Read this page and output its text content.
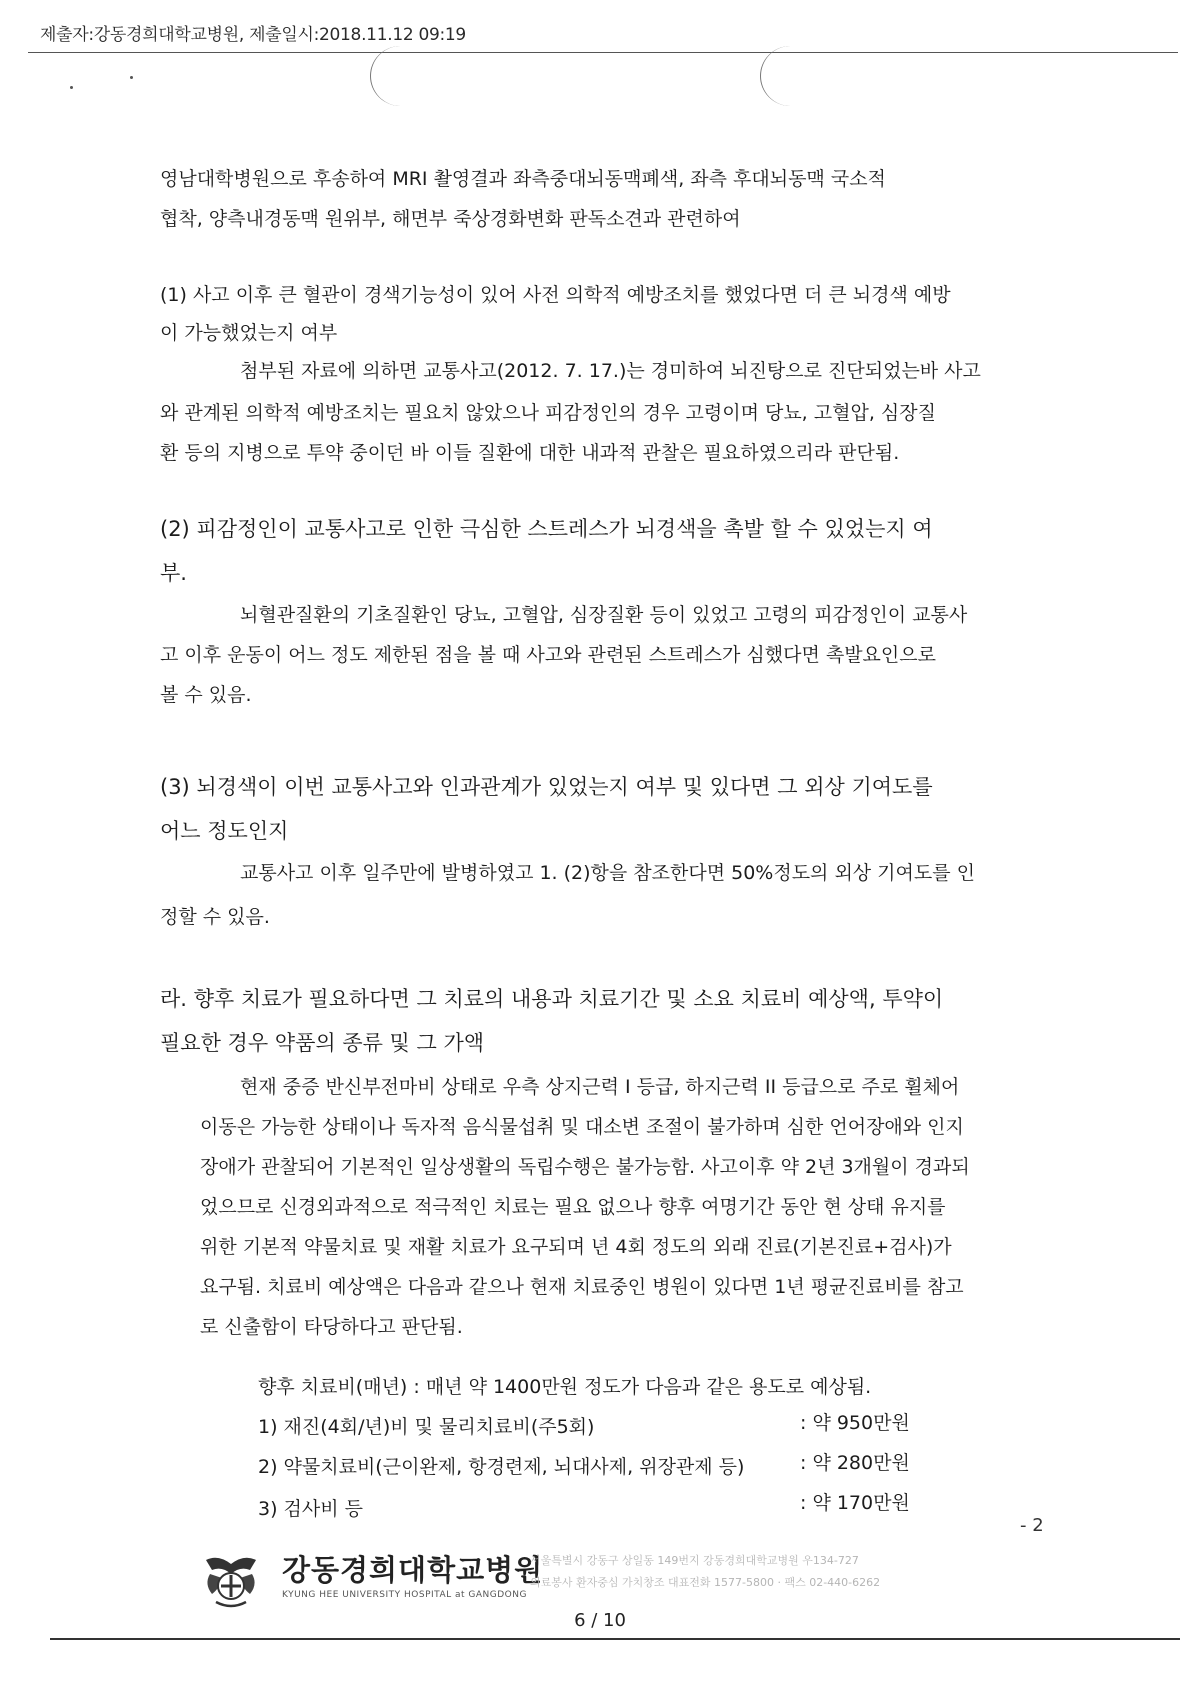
제출자:강동경희대학교병원, 제출일시:2018.11.12 09:19
영남대학병원으로 후송하여 MRI 촬영결과 좌측중대뇌동맥폐색, 좌측 후대뇌동맥 국소적
협착, 양측내경동맥 원위부, 해면부 죽상경화변화 판독소견과 관련하여
(1) 사고 이후 큰 혈관이 경색기능성이 있어 사전 의학적 예방조치를 했었다면 더 큰 뇌경색 예방
이 가능했었는지 여부
첨부된 자료에 의하면 교통사고(2012. 7. 17.)는 경미하여 뇌진탕으로 진단되었는바 사고
와 관계된 의학적 예방조치는 필요치 않았으나 피감정인의 경우 고령이며 당뇨, 고혈압, 심장질
환 등의 지병으로 투약 중이던 바 이들 질환에 대한 내과적 관찰은 필요하였으리라 판단됨.
(2) 피감정인이 교통사고로 인한 극심한 스트레스가 뇌경색을 촉발 할 수 있었는지 여
부.
뇌혈관질환의 기초질환인 당뇨, 고혈압, 심장질환 등이 있었고 고령의 피감정인이 교통사
고 이후 운동이 어느 정도 제한된 점을 볼 때 사고와 관련된 스트레스가 심했다면 촉발요인으로
볼 수 있음.
(3) 뇌경색이 이번 교통사고와 인과관계가 있었는지 여부 및 있다면 그 외상 기여도를
어느 정도인지
교통사고 이후 일주만에 발병하였고 1. (2)항을 참조한다면 50%정도의 외상 기여도를 인
정할 수 있음.
라. 향후 치료가 필요하다면 그 치료의 내용과 치료기간 및 소요 치료비 예상액, 투약이
필요한 경우 약품의 종류 및 그 가액
현재 중증 반신부전마비 상태로 우측 상지근력 I 등급, 하지근력 II 등급으로 주로 휠체어
이동은 가능한 상태이나 독자적 음식물섭취 및 대소변 조절이 불가하며 심한 언어장애와 인지
장애가 관찰되어 기본적인 일상생활의 독립수행은 불가능함. 사고이후 약 2년 3개월이 경과되
었으므로 신경외과적으로 적극적인 치료는 필요 없으나 향후 여명기간 동안 현 상태 유지를
위한 기본적 약물치료 및 재활 치료가 요구되며 년 4회 정도의 외래 진료(기본진료+검사)가
요구됨. 치료비 예상액은 다음과 같으나 현재 치료중인 병원이 있다면 1년 평균진료비를 참고
로 신출함이 타당하다고 판단됨.
향후 치료비(매년) : 매년 약 1400만원 정도가 다음과 같은 용도로 예상됨.
1) 재진(4회/년)비 및 물리치료비(주5회)	: 약 950만원
2) 약물치료비(근이완제, 항경련제, 뇌대사제, 위장관제 등)	: 약 280만원
3) 검사비 등	: 약 170만원
- 2
강동경희대학교병원
KYUNG HEE UNIVERSITY HOSPITAL at GANGDONG
서울특별시 강동구 상일동 149번지 강동경희대학교병원 우134-727
의료봉사 환자중심 가치창조 대표전화 1577-5800 · 팩스 02-440-6262
6 / 10
